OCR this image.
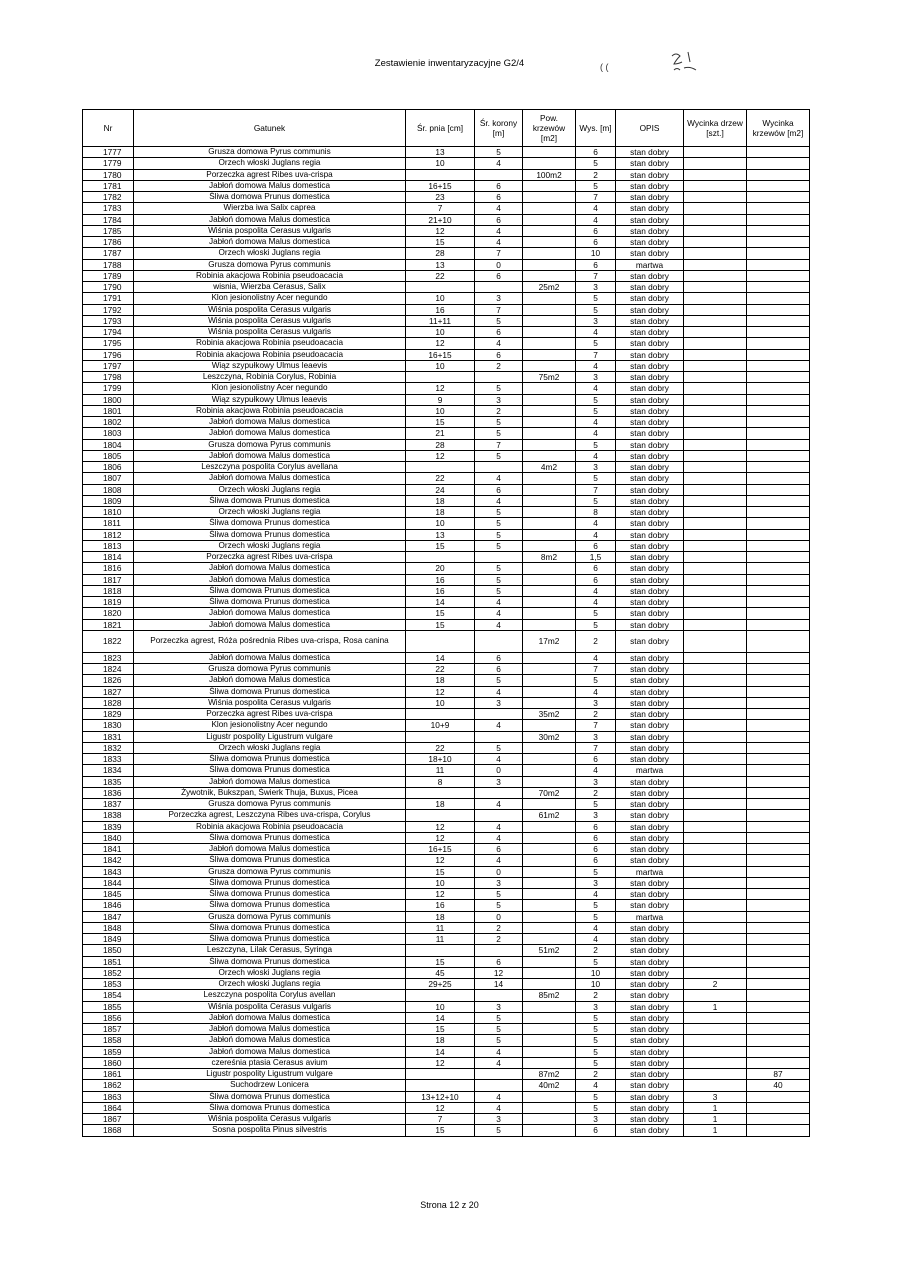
Zestawienie inwentaryzacyjne G2/4	( (
Nr	Gatunek	Śr. pnia [cm]	Śr. korony [m]	Pow. krzewów [m2]	Wys. [m]	OPIS	Wycinka drzew [szt.]	Wycinka krzewów [m2]
1777	Grusza domowa Pyrus communis	13	5		6	stan dobry		
1779	Orzech włoski Juglans regia	10	4		5	stan dobry		
1780	Porzeczka agrest Ribes uva-crispa			100m2	2	stan dobry		
1781	Jabłoń domowa Malus domestica	16+15	6		5	stan dobry		
1782	Śliwa domowa Prunus domestica	23	6		7	stan dobry		
1783	Wierzba iwa Salix caprea	7	4		4	stan dobry		
1784	Jabłoń domowa Malus domestica	21+10	6		4	stan dobry		
1785	Wiśnia pospolita Cerasus vulgaris	12	4		6	stan dobry		
1786	Jabłoń domowa Malus domestica	15	4		6	stan dobry		
1787	Orzech włoski Juglans regia	28	7		10	stan dobry		
1788	Grusza domowa Pyrus communis	13	0		6	martwa		
1789	Robinia akacjowa Robinia pseudoacacia	22	6		7	stan dobry		
1790	wisnia, Wierzba Cerasus, Salix			25m2	3	stan dobry		
1791	Klon jesionolistny Acer negundo	10	3		5	stan dobry		
1792	Wiśnia pospolita Cerasus vulgaris	16	7		5	stan dobry		
1793	Wiśnia pospolita Cerasus vulgaris	11+11	5		3	stan dobry		
1794	Wiśnia pospolita Cerasus vulgaris	10	6		4	stan dobry		
1795	Robinia akacjowa Robinia pseudoacacia	12	4		5	stan dobry		
1796	Robinia akacjowa Robinia pseudoacacia	16+15	6		7	stan dobry		
1797	Wiąz szypułkowy Ulmus leaevis	10	2		4	stan dobry		
1798	Leszczyna, Robinia Corylus, Robinia			75m2	3	stan dobry		
1799	Klon jesionolistny Acer negundo	12	5		4	stan dobry		
1800	Wiąz szypułkowy Ulmus leaevis	9	3		5	stan dobry		
1801	Robinia akacjowa Robinia pseudoacacia	10	2		5	stan dobry		
1802	Jabłoń domowa Malus domestica	15	5		4	stan dobry		
1803	Jabłoń domowa Malus domestica	21	5		4	stan dobry		
1804	Grusza domowa Pyrus communis	28	7		5	stan dobry		
1805	Jabłoń domowa Malus domestica	12	5		4	stan dobry		
1806	Leszczyna pospolita Corylus avellana			4m2	3	stan dobry		
1807	Jabłoń domowa Malus domestica	22	4		5	stan dobry		
1808	Orzech włoski Juglans regia	24	6		7	stan dobry		
1809	Śliwa domowa Prunus domestica	18	4		5	stan dobry		
1810	Orzech włoski Juglans regia	18	5		8	stan dobry		
1811	Śliwa domowa Prunus domestica	10	5		4	stan dobry		
1812	Śliwa domowa Prunus domestica	13	5		4	stan dobry		
1813	Orzech włoski Juglans regia	15	5		6	stan dobry		
1814	Porzeczka agrest Ribes uva-crispa			8m2	1,5	stan dobry		
1816	Jabłoń domowa Malus domestica	20	5		6	stan dobry		
1817	Jabłoń domowa Malus domestica	16	5		6	stan dobry		
1818	Śliwa domowa Prunus domestica	16	5		4	stan dobry		
1819	Śliwa domowa Prunus domestica	14	4		4	stan dobry		
1820	Jabłoń domowa Malus domestica	15	4		5	stan dobry		
1821	Jabłoń domowa Malus domestica	15	4		5	stan dobry		
1822	Porzeczka agrest, Róża pośrednia Ribes uva-crispa, Rosa canina			17m2	2	stan dobry		
1823	Jabłoń domowa Malus domestica	14	6		4	stan dobry		
1824	Grusza domowa Pyrus communis	22	6		7	stan dobry		
1826	Jabłoń domowa Malus domestica	18	5		5	stan dobry		
1827	Śliwa domowa Prunus domestica	12	4		4	stan dobry		
1828	Wiśnia pospolita Cerasus vulgaris	10	3		3	stan dobry		
1829	Porzeczka agrest Ribes uva-crispa			35m2	2	stan dobry		
1830	Klon jesionolistny Acer negundo	10+9	4		7	stan dobry		
1831	Ligustr pospolity Ligustrum vulgare			30m2	3	stan dobry		
1832	Orzech włoski Juglans regia	22	5		7	stan dobry		
1833	Śliwa domowa Prunus domestica	18+10	4		6	stan dobry		
1834	Śliwa domowa Prunus domestica	11	0		4	martwa		
1835	Jabłoń domowa Malus domestica	8	3		3	stan dobry		
1836	Żywotnik, Bukszpan, Świerk Thuja, Buxus, Picea			70m2	2	stan dobry		
1837	Grusza domowa Pyrus communis	18	4		5	stan dobry		
1838	Porzeczka agrest, Leszczyna Ribes uva-crispa, Corylus			61m2	3	stan dobry		
1839	Robinia akacjowa Robinia pseudoacacia	12	4		6	stan dobry		
1840	Śliwa domowa Prunus domestica	12	4		6	stan dobry		
1841	Jabłoń domowa Malus domestica	16+15	6		6	stan dobry		
1842	Śliwa domowa Prunus domestica	12	4		6	stan dobry		
1843	Grusza domowa Pyrus communis	15	0		5	martwa		
1844	Śliwa domowa Prunus domestica	10	3		3	stan dobry		
1845	Śliwa domowa Prunus domestica	12	5		4	stan dobry		
1846	Śliwa domowa Prunus domestica	16	5		5	stan dobry		
1847	Grusza domowa Pyrus communis	18	0		5	martwa		
1848	Śliwa domowa Prunus domestica	11	2		4	stan dobry		
1849	Śliwa domowa Prunus domestica	11	2		4	stan dobry		
1850	Leszczyna, Lilak Cerasus, Syringa			51m2	2	stan dobry		
1851	Śliwa domowa Prunus domestica	15	6		5	stan dobry		
1852	Orzech włoski Juglans regia	45	12		10	stan dobry		
1853	Orzech włoski Juglans regia	29+25	14		10	stan dobry	2	
1854	Leszczyna pospolita Corylus avellan			85m2	2	stan dobry		
1855	Wiśnia pospolita Cerasus vulgaris	10	3		3	stan dobry	1	
1856	Jabłoń domowa Malus domestica	14	5		5	stan dobry		
1857	Jabłoń domowa Malus domestica	15	5		5	stan dobry		
1858	Jabłoń domowa Malus domestica	18	5		5	stan dobry		
1859	Jabłoń domowa Malus domestica	14	4		5	stan dobry		
1860	czereśnia ptasia Cerasus avium	12	4		5	stan dobry		
1861	Ligustr pospolity Ligustrum vulgare			87m2	2	stan dobry		87
1862	Suchodrzew Lonicera			40m2	4	stan dobry		40
1863	Śliwa domowa Prunus domestica	13+12+10	4		5	stan dobry	3	
1864	Śliwa domowa Prunus domestica	12	4		5	stan dobry	1	
1867	Wiśnia pospolita Cerasus vulgaris	7	3		3	stan dobry	1	
1868	Sosna pospolita Pinus silvestris	15	5		6	stan dobry	1	
Strona 12 z 20
